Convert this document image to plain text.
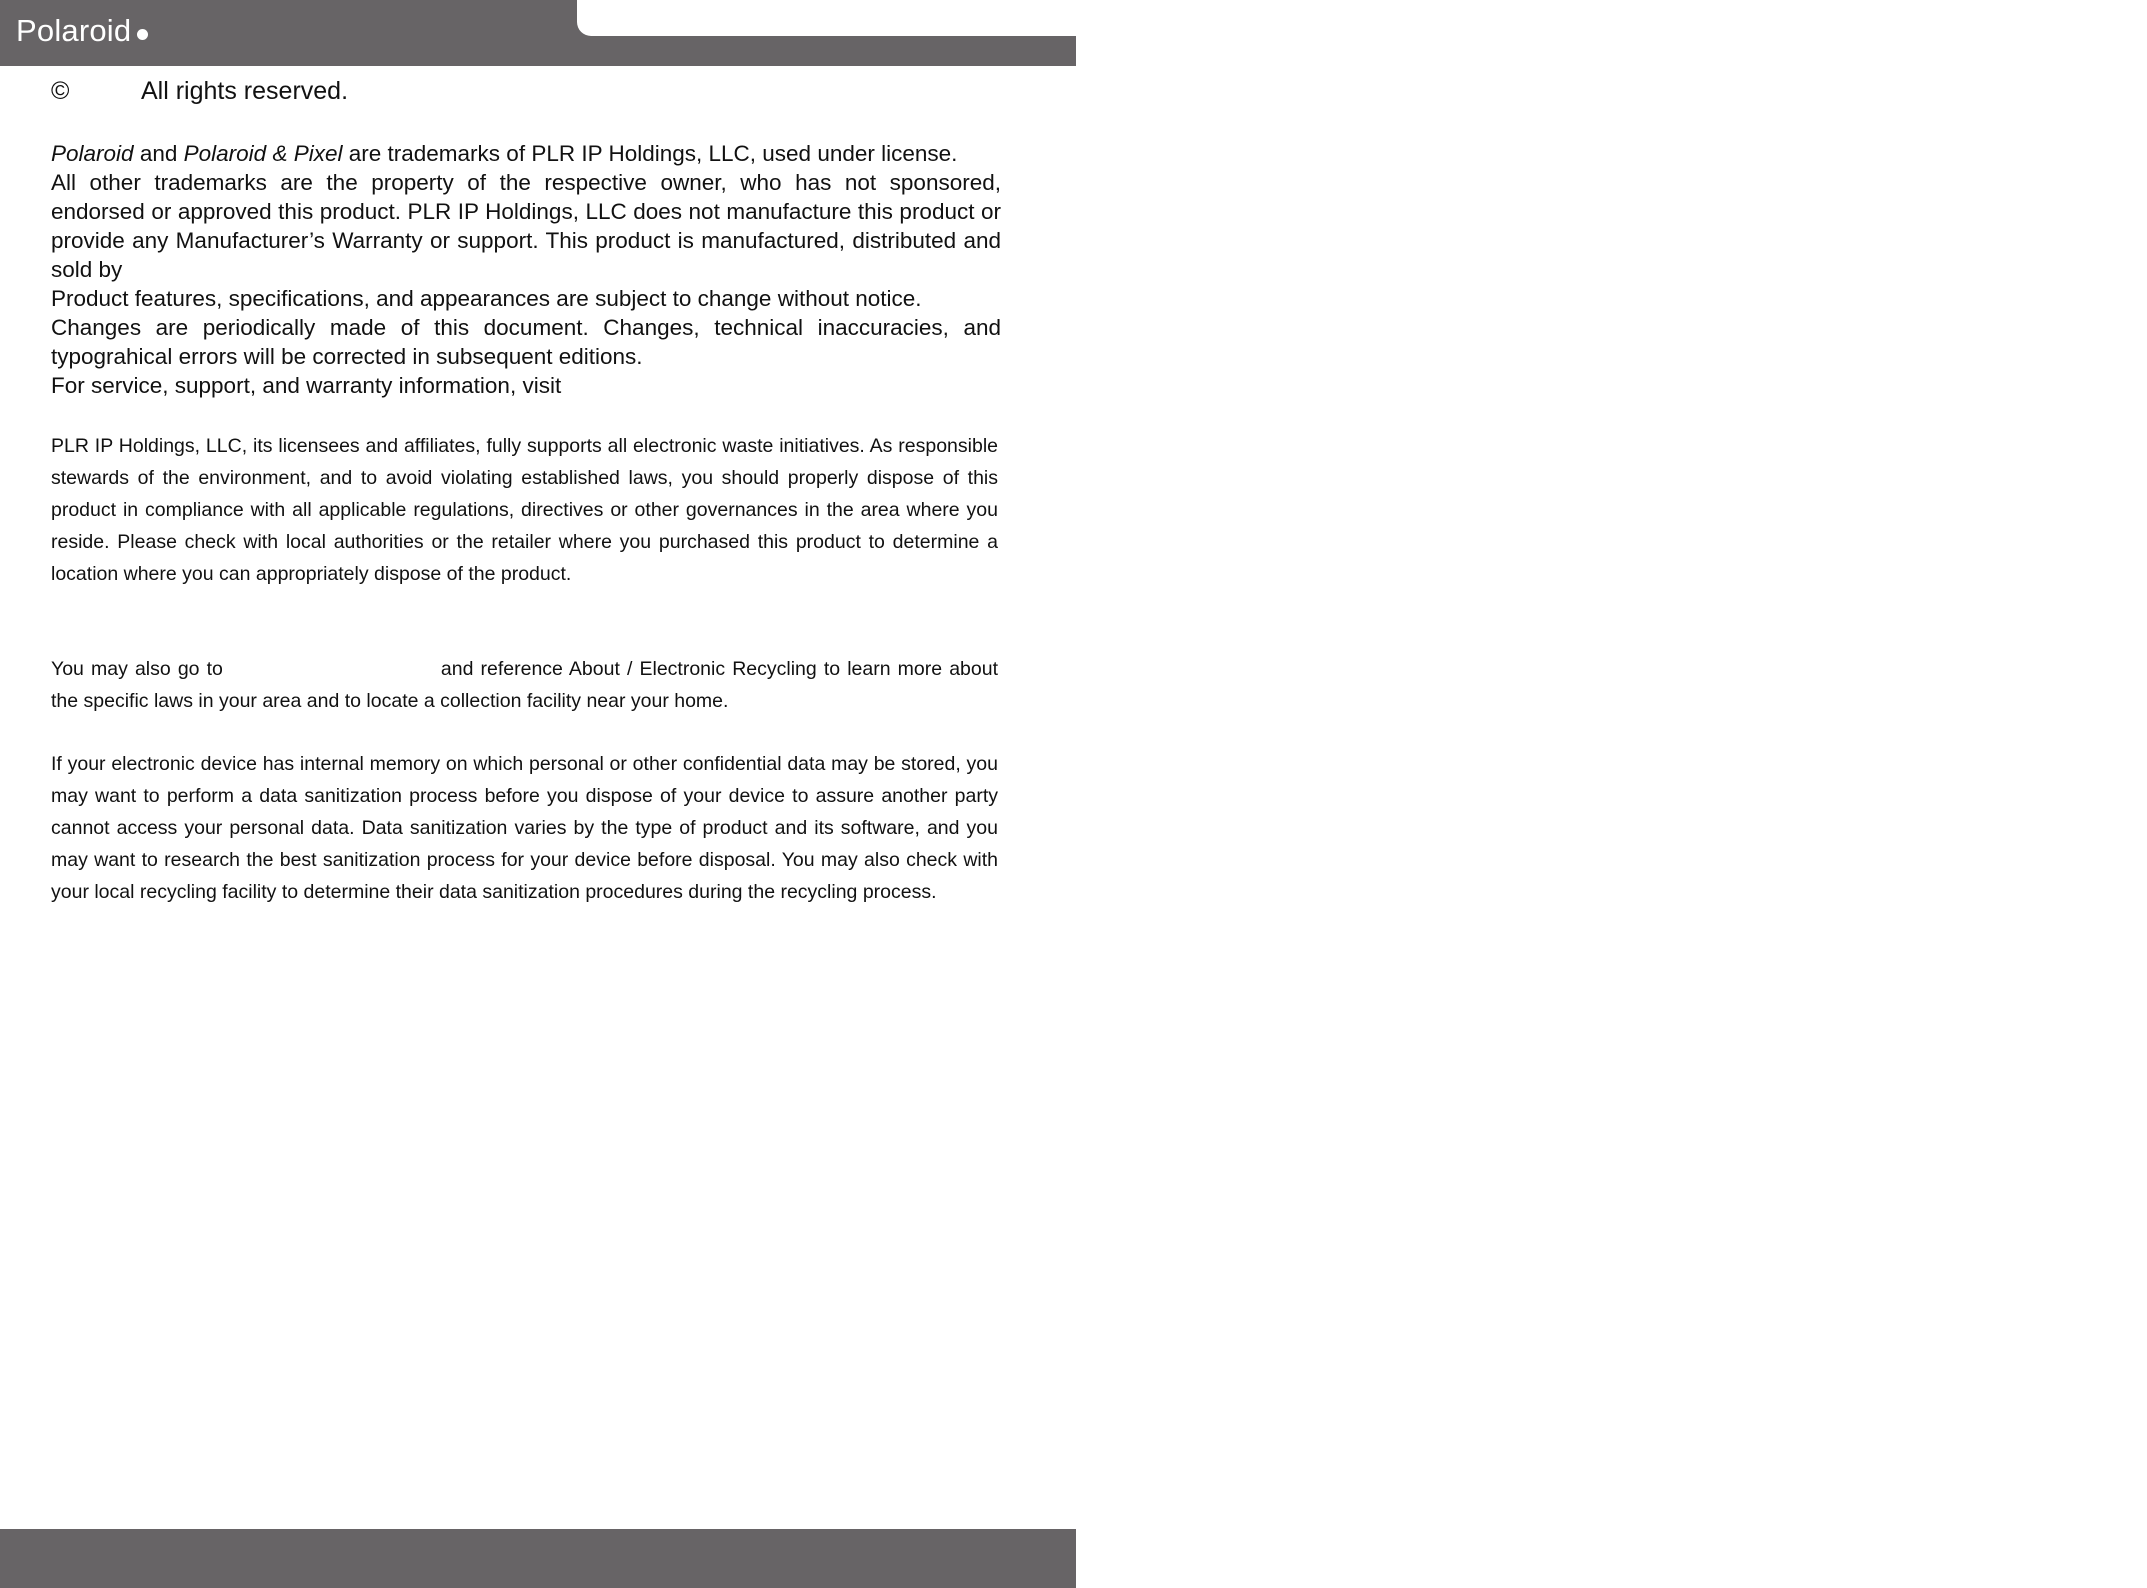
Polaroid
©	All rights reserved.

Polaroid and Polaroid & Pixel are trademarks of PLR IP Holdings, LLC, used under license.

All other trademarks are the property of the respective owner, who has not sponsored, endorsed or approved this product. PLR IP Holdings, LLC does not manufacture this product or provide any Manufacturer’s Warranty or support. This product is manufactured, distributed and sold by

Product features, specifications, and appearances are subject to change without notice.

Changes are periodically made of this document. Changes, technical inaccuracies, and typograhical errors will be corrected in subsequent editions.

For service, support, and warranty information, visit

PLR IP Holdings, LLC, its licensees and affiliates, fully supports all electronic waste initiatives. As responsible stewards of the environment, and to avoid violating established laws, you should properly dispose of this product in compliance with all applicable regulations, directives or other governances in the area where you reside. Please check with local authorities or the retailer where you purchased this product to determine a location where you can appropriately dispose of the product.

You may also go to	and reference About / Electronic Recycling to learn more about the specific laws in your area and to locate a collection facility near your home.

If your electronic device has internal memory on which personal or other confidential data may be stored, you may want to perform a data sanitization process before you dispose of your device to assure another party cannot access your personal data. Data sanitization varies by the type of product and its software, and you may want to research the best sanitization process for your device before disposal. You may also check with your local recycling facility to determine their data sanitization procedures during the recycling process.
